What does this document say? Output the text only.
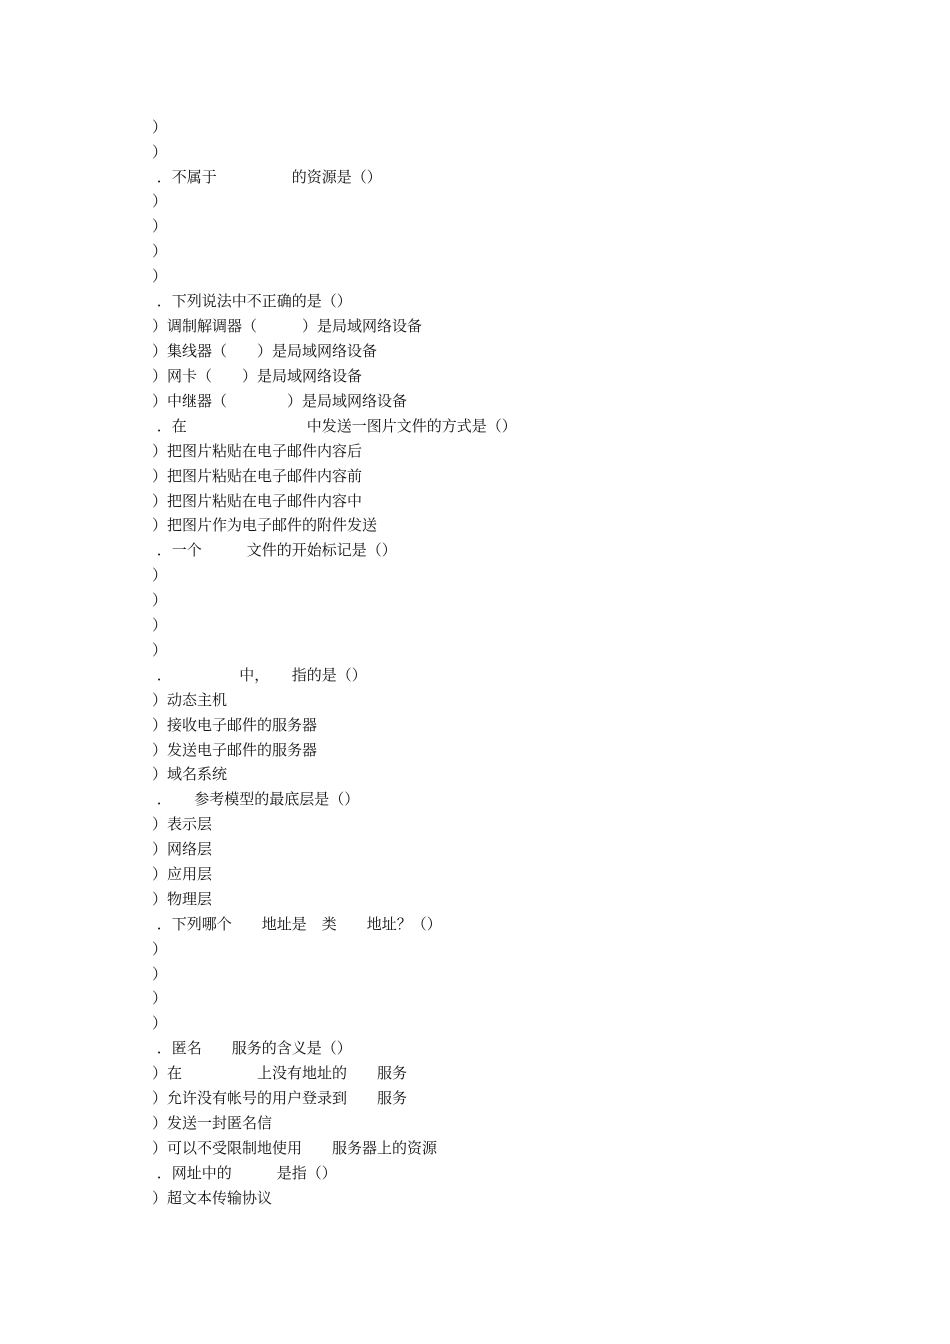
）
）
．不属于　　　　　的资源是（）
）
）
）
）
．下列说法中不正确的是（）
）调制解调器（　　　）是局域网络设备
）集线器（　　）是局域网络设备
）网卡（　　）是局域网络设备
）中继器（　　　　）是局域网络设备
．在　　　　　　　　中发送一图片文件的方式是（）
）把图片粘贴在电子邮件内容后
）把图片粘贴在电子邮件内容前
）把图片粘贴在电子邮件内容中
）把图片作为电子邮件的附件发送
．一个　　　文件的开始标记是（）
）
）
）
）
．　　　　　中，　　指的是（）
）动态主机
）接收电子邮件的服务器
）发送电子邮件的服务器
）域名系统
．　　参考模型的最底层是（）
）表示层
）网络层
）应用层
）物理层
．下列哪个　　地址是　类　　地址？（）
）
）
）
）
．匿名　　服务的含义是（）
）在　　　　　上没有地址的　　服务
）允许没有帐号的用户登录到　　服务
）发送一封匿名信
）可以不受限制地使用　　服务器上的资源
．网址中的　　　是指（）
）超文本传输协议
